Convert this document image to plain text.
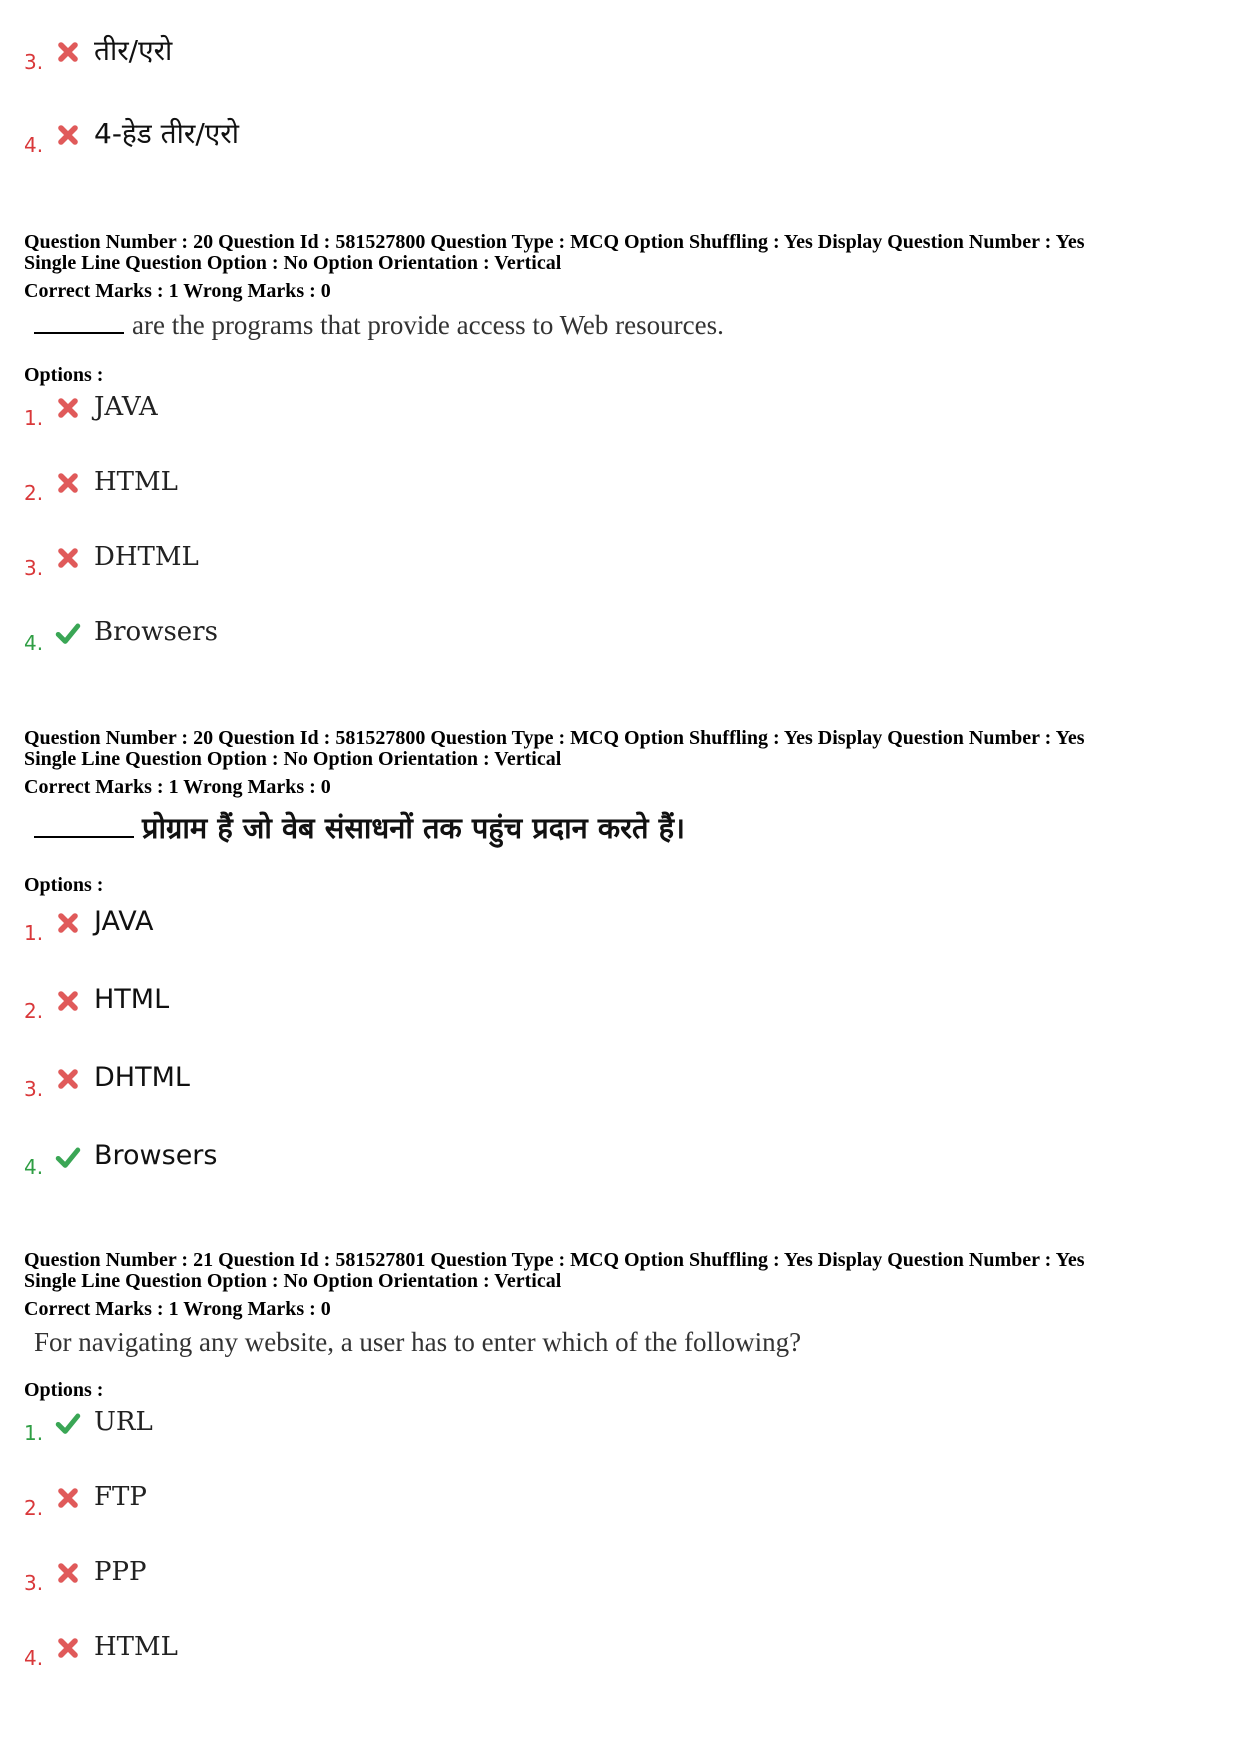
3.	तीर/एरो
4.	4-हेड तीर/एरो
Question Number : 20 Question Id : 581527800 Question Type : MCQ Option Shuffling : Yes Display Question Number : Yes
Single Line Question Option : No Option Orientation : Vertical
Correct Marks : 1 Wrong Marks : 0
are the programs that provide access to Web resources.
Options :
1.	JAVA
2.	HTML
3.	DHTML
4.	Browsers
Question Number : 20 Question Id : 581527800 Question Type : MCQ Option Shuffling : Yes Display Question Number : Yes
Single Line Question Option : No Option Orientation : Vertical
Correct Marks : 1 Wrong Marks : 0
प्रोग्राम हैं जो वेब संसाधनों तक पहुंच प्रदान करते हैं।
Options :
1.	JAVA
2.	HTML
3.	DHTML
4.	Browsers
Question Number : 21 Question Id : 581527801 Question Type : MCQ Option Shuffling : Yes Display Question Number : Yes
Single Line Question Option : No Option Orientation : Vertical
Correct Marks : 1 Wrong Marks : 0
For navigating any website, a user has to enter which of the following?
Options :
1.	URL
2.	FTP
3.	PPP
4.	HTML
